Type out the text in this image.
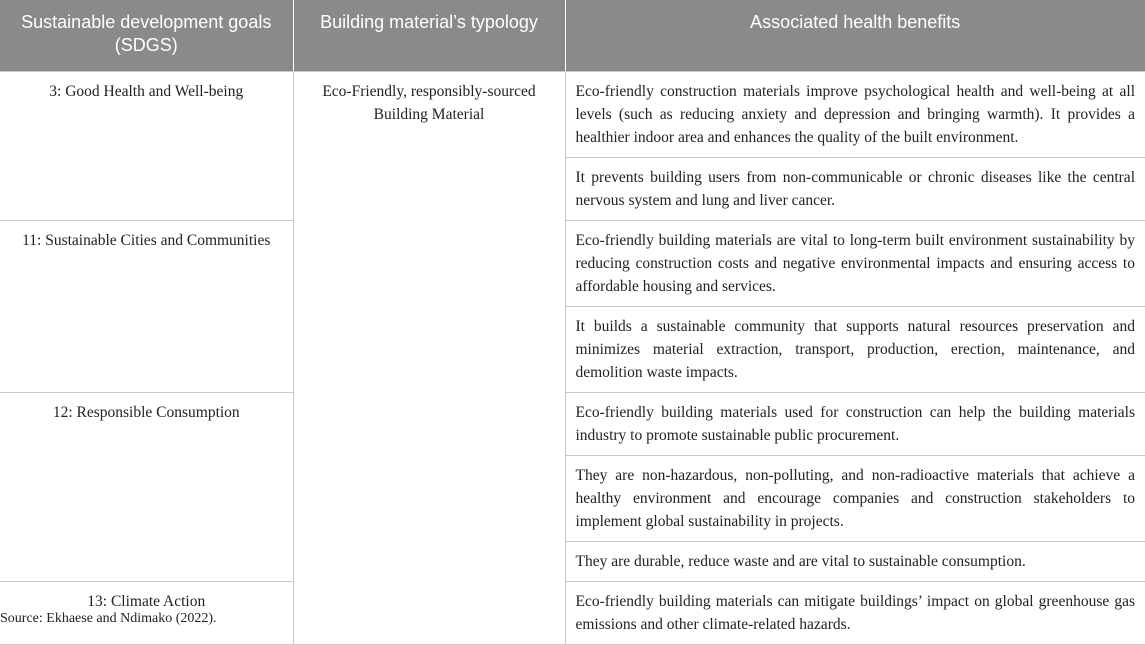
Sustainable development goals (SDGS)	Building material’s typology	Associated health benefits
3: Good Health and Well-being	Eco-Friendly, responsibly-sourced Building Material	Eco-friendly construction materials improve psychological health and well-being at all levels (such as reducing anxiety and depression and bringing warmth). It provides a healthier indoor area and enhances the quality of the built environment.
		It prevents building users from non-communicable or chronic diseases like the central nervous system and lung and liver cancer.
11: Sustainable Cities and Communities		Eco-friendly building materials are vital to long-term built environment sustainability by reducing construction costs and negative environmental impacts and ensuring access to affordable housing and services.
		It builds a sustainable community that supports natural resources preservation and minimizes material extraction, transport, production, erection, maintenance, and demolition waste impacts.
12: Responsible Consumption		Eco-friendly building materials used for construction can help the building materials industry to promote sustainable public procurement.
		They are non-hazardous, non-polluting, and non-radioactive materials that achieve a healthy environment and encourage companies and construction stakeholders to implement global sustainability in projects.
		They are durable, reduce waste and are vital to sustainable consumption.
13: Climate Action		Eco-friendly building materials can mitigate buildings’ impact on global greenhouse gas emissions and other climate-related hazards.
Source: Ekhaese and Ndimako (2022).
